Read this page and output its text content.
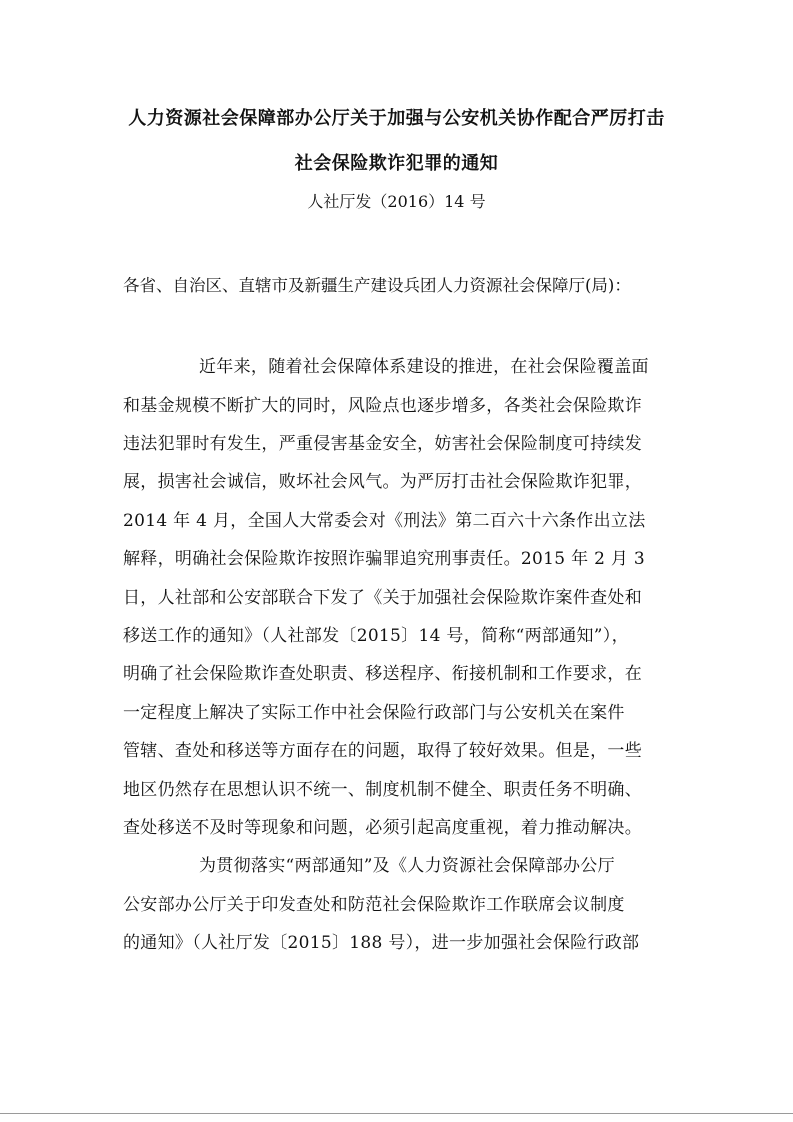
人力资源社会保障部办公厅关于加强与公安机关协作配合严厉打击
社会保险欺诈犯罪的通知
人社厅发（2016）14 号
各省、自治区、直辖市及新疆生产建设兵团人力资源社会保障厅(局)：
近年来，随着社会保障体系建设的推进，在社会保险覆盖面
和基金规模不断扩大的同时，风险点也逐步增多，各类社会保险欺诈
违法犯罪时有发生，严重侵害基金安全，妨害社会保险制度可持续发
展，损害社会诚信，败坏社会风气。为严厉打击社会保险欺诈犯罪，
2014 年 4 月，全国人大常委会对《刑法》第二百六十六条作出立法
解释，明确社会保险欺诈按照诈骗罪追究刑事责任。2015 年 2 月 3
日，人社部和公安部联合下发了《关于加强社会保险欺诈案件查处和
移送工作的通知》（人社部发〔2015〕14 号，简称“两部通知”），
明确了社会保险欺诈查处职责、移送程序、衔接机制和工作要求，在
一定程度上解决了实际工作中社会保险行政部门与公安机关在案件
管辖、查处和移送等方面存在的问题，取得了较好效果。但是，一些
地区仍然存在思想认识不统一、制度机制不健全、职责任务不明确、
查处移送不及时等现象和问题，必须引起高度重视，着力推动解决。
为贯彻落实“两部通知”及《人力资源社会保障部办公厅
公安部办公厅关于印发查处和防范社会保险欺诈工作联席会议制度
的通知》（人社厅发〔2015〕188 号），进一步加强社会保险行政部
